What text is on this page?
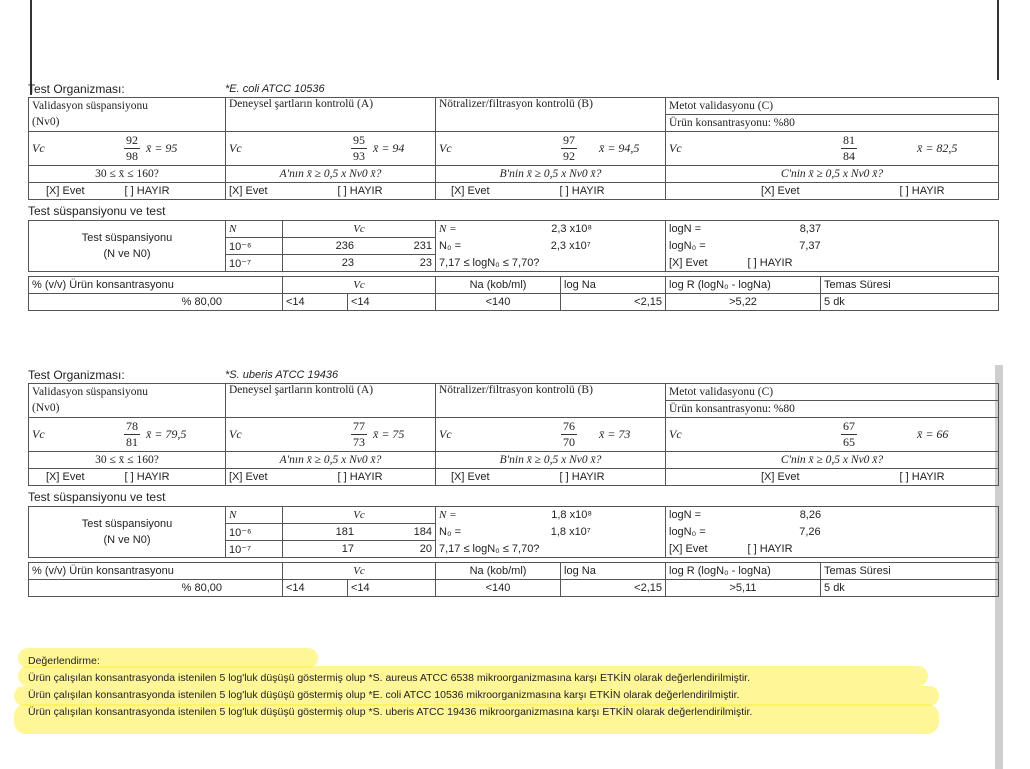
Test Organizması:	*E. coli ATCC 10536
Validasyon süspansiyonu
(Nv0)	Deneysel şartların kontrolü (A)	Nötralizer/filtrasyon kontrolü (B)	Metot validasyonu (C)
			Ürün konsantrasyonu: %80

Vc $\frac{92}{98}$ x̄ = 95	Vc $\frac{95}{93}$ x̄ = 94	Vc $\frac{97}{92}$ x̄ = 94,5	Vc $\frac{81}{84}$ x̄ = 82,5

30 ≤ x̄ ≤ 160?	A'nın x̄ ≥ 0,5 x Nv0 x̄?	B'nin x̄ ≥ 0,5 x Nv0 x̄?	C'nin x̄ ≥ 0,5 x Nv0 x̄?
[X] Evet [ ] HAYIR	[X] Evet [ ] HAYIR	[X] Evet [ ] HAYIR	[X] Evet [ ] HAYIR
Test süspansiyonu ve test
Test süspansiyonu
(N ve N0)	N	Vc	N = 2,3 x10⁸	logN = 8,37
	10⁻⁶	236 231	N₀ = 2,3 x10⁷	logN₀ = 7,37
	10⁻⁷	23 23	7,17 ≤ logN₀ ≤ 7,70?	[X] Evet [ ] HAYIR
% (v/v) Ürün konsantrasyonu	Vc		Na (kob/ml)	log Na	log R (logN₀ - logNa)	Temas Süresi
% 80,00	<14	<14	<140	<2,15	>5,22	5 dk
Test Organizması:	*S. uberis ATCC 19436
Validasyon süspansiyonu
(Nv0)	Deneysel şartların kontrolü (A)	Nötralizer/filtrasyon kontrolü (B)	Metot validasyonu (C)
			Ürün konsantrasyonu: %80

Vc $\frac{78}{81}$ x̄ = 79,5	Vc $\frac{77}{73}$ x̄ = 75	Vc $\frac{76}{70}$ x̄ = 73	Vc $\frac{67}{65}$ x̄ = 66

30 ≤ x̄ ≤ 160?	A'nın x̄ ≥ 0,5 x Nv0 x̄?	B'nin x̄ ≥ 0,5 x Nv0 x̄?	C'nin x̄ ≥ 0,5 x Nv0 x̄?
[X] Evet [ ] HAYIR	[X] Evet [ ] HAYIR	[X] Evet [ ] HAYIR	[X] Evet [ ] HAYIR
Test süspansiyonu ve test
Test süspansiyonu
(N ve N0)	N	Vc	N = 1,8 x10⁸	logN = 8,26
	10⁻⁶	181 184	N₀ = 1,8 x10⁷	logN₀ = 7,26
	10⁻⁷	17 20	7,17 ≤ logN₀ ≤ 7,70?	[X] Evet [ ] HAYIR
% (v/v) Ürün konsantrasyonu	Vc		Na (kob/ml)	log Na	log R (logN₀ - logNa)	Temas Süresi
% 80,00	<14	<14	<140	<2,15	>5,11	5 dk
Değerlendirme:
Ürün çalışılan konsantrasyonda istenilen 5 log'luk düşüşü göstermiş olup *S. aureus ATCC 6538 mikroorganizmasına karşı ETKİN olarak değerlendirilmiştir.
Ürün çalışılan konsantrasyonda istenilen 5 log'luk düşüşü göstermiş olup *E. coli ATCC 10536 mikroorganizmasına karşı ETKİN olarak değerlendirilmiştir.
Ürün çalışılan konsantrasyonda istenilen 5 log'luk düşüşü göstermiş olup *S. uberis ATCC 19436 mikroorganizmasına karşı ETKİN olarak değerlendirilmiştir.
